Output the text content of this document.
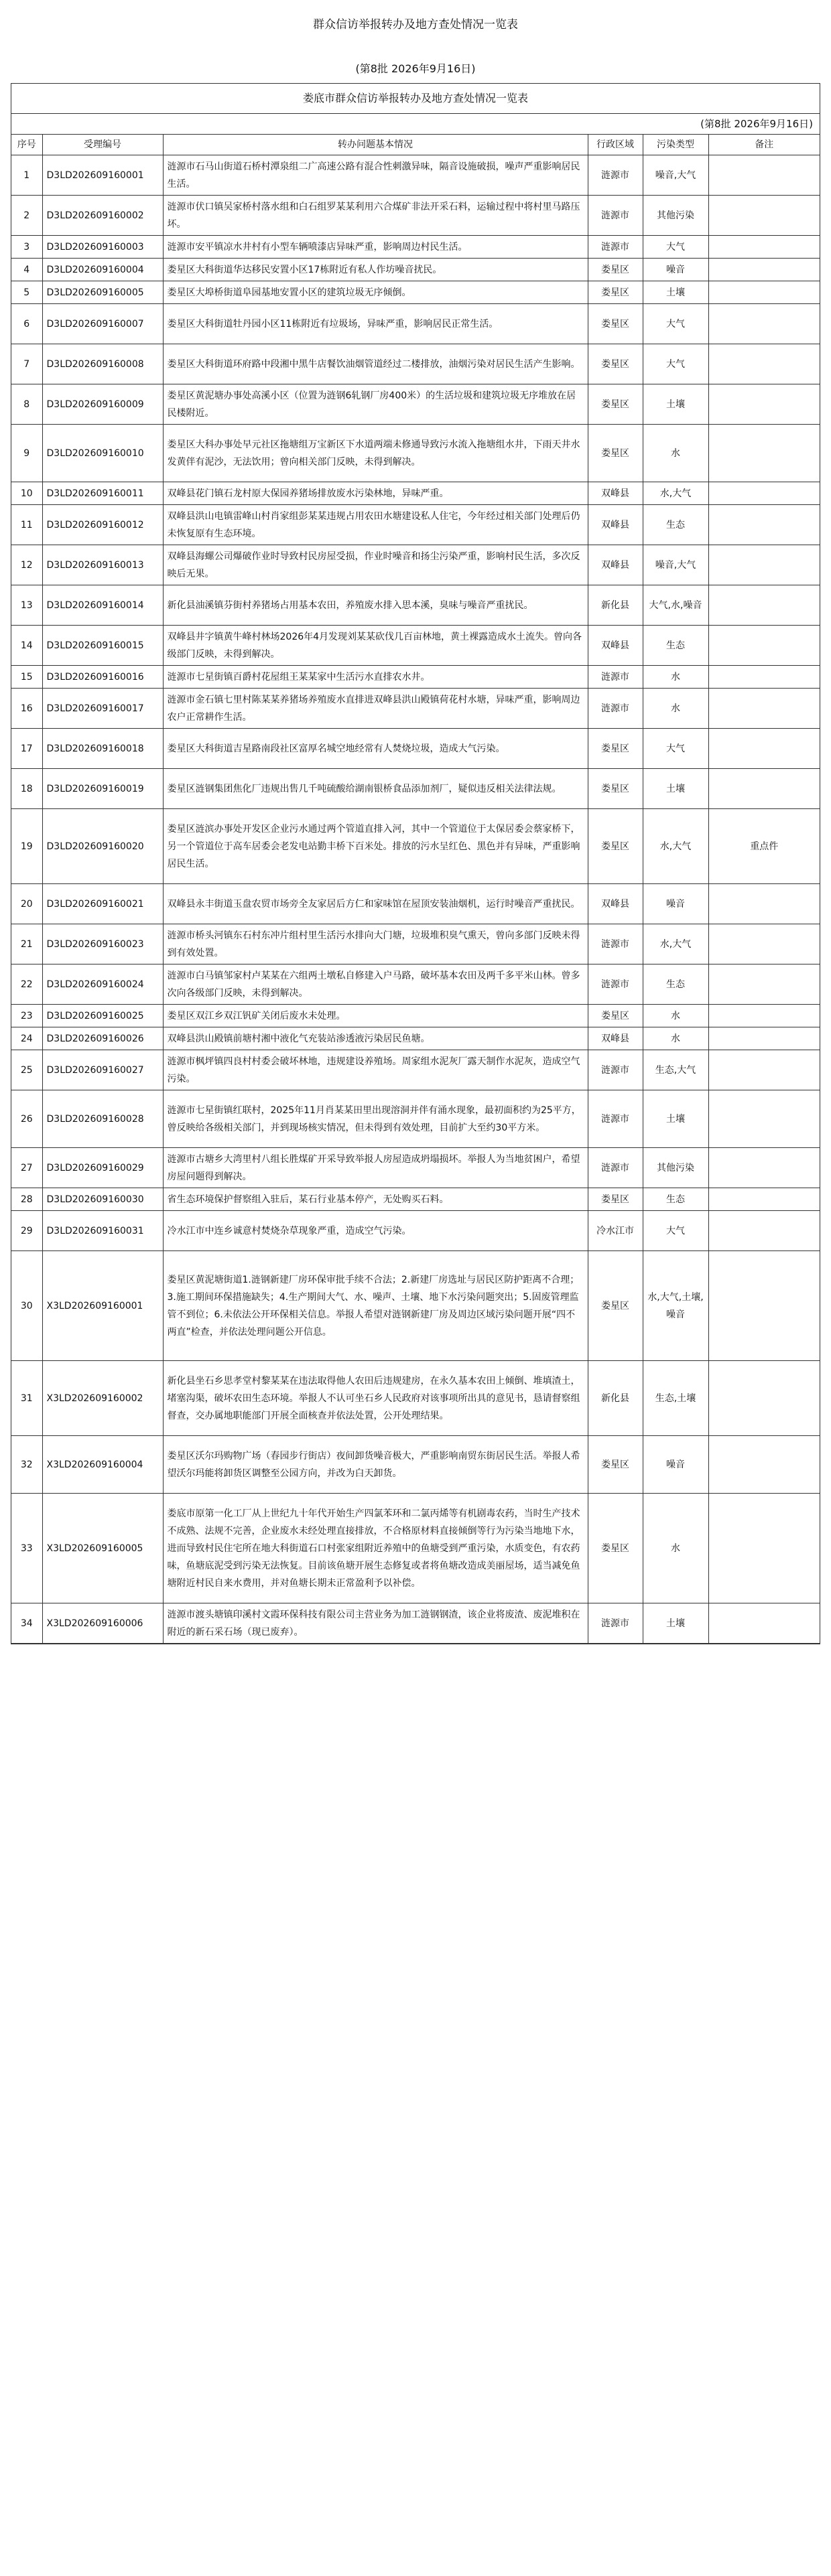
群众信访举报转办及地方查处情况一览表
(第8批 2026年9月16日)
娄底市群众信访举报转办及地方查处情况一览表
(第8批 2026年9月16日)
序号	受理编号	转办问题基本情况	行政区域	污染类型	备注
1	D3LD202609160001	涟源市石马山街道石桥村潭泉组二广高速公路有混合性刺激异味，隔音设施破损，噪声严重影响居民生活。	涟源市	噪音,大气	
2	D3LD202609160002	涟源市伏口镇吴家桥村落水组和白石组罗某某利用六合煤矿非法开采石料，运输过程中将村里马路压坏。	涟源市	其他污染	
3	D3LD202609160003	涟源市安平镇凉水井村有小型车辆喷漆店异味严重，影响周边村民生活。	涟源市	大气	
4	D3LD202609160004	娄星区大科街道华达移民安置小区17栋附近有私人作坊噪音扰民。	娄星区	噪音	
5	D3LD202609160005	娄星区大埠桥街道阜园基地安置小区的建筑垃圾无序倾倒。	娄星区	土壤	
6	D3LD202609160007	娄星区大科街道牡丹园小区11栋附近有垃圾场，异味严重，影响居民正常生活。	娄星区	大气	
7	D3LD202609160008	娄星区大科街道环府路中段湘中黑牛店餐饮油烟管道经过二楼排放，油烟污染对居民生活产生影响。	娄星区	大气	
8	D3LD202609160009	娄星区黄泥塘办事处高溪小区（位置为涟钢6轧钢厂房400米）的生活垃圾和建筑垃圾无序堆放在居民楼附近。	娄星区	土壤	
9	D3LD202609160010	娄星区大科办事处早元社区拖塘组万宝新区下水道两端未修通导致污水流入拖塘组水井，下雨天井水发黄伴有泥沙，无法饮用；曾向相关部门反映，未得到解决。	娄星区	水	
10	D3LD202609160011	双峰县花门镇石龙村原大保园养猪场排放废水污染林地，异味严重。	双峰县	水,大气	
11	D3LD202609160012	双峰县洪山电镇雷峰山村肖家组彭某某违规占用农田水塘建设私人住宅，今年经过相关部门处理后仍未恢复原有生态环境。	双峰县	生态	
12	D3LD202609160013	双峰县海螺公司爆破作业时导致村民房屋受损，作业时噪音和扬尘污染严重，影响村民生活，多次反映后无果。	双峰县	噪音,大气	
13	D3LD202609160014	新化县油溪镇芬街村养猪场占用基本农田，养殖废水排入思本溪，臭味与噪音严重扰民。	新化县	大气,水,噪音	
14	D3LD202609160015	双峰县井字镇黄牛峰村林场2026年4月发现刘某某砍伐几百亩林地，黄土裸露造成水土流失。曾向各级部门反映，未得到解决。	双峰县	生态	
15	D3LD202609160016	涟源市七星街镇百爵村花屋组王某某家中生活污水直排农水井。	涟源市	水	
16	D3LD202609160017	涟源市金石镇七里村陈某某养猪场养殖废水直排进双峰县洪山殿镇荷花村水塘，异味严重，影响周边农户正常耕作生活。	涟源市	水	
17	D3LD202609160018	娄星区大科街道吉星路南段社区富厚名城空地经常有人焚烧垃圾，造成大气污染。	娄星区	大气	
18	D3LD202609160019	娄星区涟钢集团焦化厂违规出售几千吨硫酸给湖南银桥食品添加剂厂，疑似违反相关法律法规。	娄星区	土壤	
19	D3LD202609160020	娄星区涟滨办事处开发区企业污水通过两个管道直排入河，其中一个管道位于太保居委会蔡家桥下，另一个管道位于高车居委会老发电站勤丰桥下百米处。排放的污水呈红色、黑色并有异味，严重影响居民生活。	娄星区	水,大气	重点件
20	D3LD202609160021	双峰县永丰街道玉盘农贸市场旁全友家居后方仁和家味馆在屋顶安装油烟机，运行时噪音严重扰民。	双峰县	噪音	
21	D3LD202609160023	涟源市桥头河镇东石村东冲片组村里生活污水排向大门塘，垃圾堆积臭气熏天，曾向多部门反映未得到有效处置。	涟源市	水,大气	
22	D3LD202609160024	涟源市白马镇邹家村卢某某在六组两土墩私自修建入户马路，破坏基本农田及两千多平米山林。曾多次向各级部门反映，未得到解决。	涟源市	生态	
23	D3LD202609160025	娄星区双江乡双江钒矿关闭后废水未处理。	娄星区	水	
24	D3LD202609160026	双峰县洪山殿镇前塘村湘中液化气充装站渗透液污染居民鱼塘。	双峰县	水	
25	D3LD202609160027	涟源市枫坪镇四良村村委会破坏林地，违规建设养殖场。周家组水泥灰厂露天制作水泥灰，造成空气污染。	涟源市	生态,大气	
26	D3LD202609160028	涟源市七星街镇红联村，2025年11月肖某某田里出现溶洞并伴有涌水现象，最初面积约为25平方，曾反映给各级相关部门，并到现场核实情况，但未得到有效处理，目前扩大至约30平方米。	涟源市	土壤	
27	D3LD202609160029	涟源市古塘乡大湾里村八组长胜煤矿开采导致举报人房屋造成坍塌损坏。举报人为当地贫困户，希望房屋问题得到解决。	涟源市	其他污染	
28	D3LD202609160030	省生态环境保护督察组入驻后，某石行业基本停产，无处购买石料。	娄星区	生态	
29	D3LD202609160031	冷水江市中连乡诚意村焚烧杂草现象严重，造成空气污染。	冷水江市	大气	
30	X3LD202609160001	娄星区黄泥塘街道1.涟钢新建厂房环保审批手续不合法；2.新建厂房选址与居民区防护距离不合理；3.施工期间环保措施缺失；4.生产期间大气、水、噪声、土壤、地下水污染问题突出；5.固废管理监管不到位；6.未依法公开环保相关信息。举报人希望对涟钢新建厂房及周边区域污染问题开展“四不两直”检查，并依法处理问题公开信息。	娄星区	水,大气,土壤,噪音	
31	X3LD202609160002	新化县坐石乡思孝堂村黎某某在违法取得他人农田后违规建房，在永久基本农田上倾倒、堆填渣土，堵塞沟渠，破坏农田生态环境。举报人不认可坐石乡人民政府对该事项所出具的意见书，恳请督察组督查，交办属地职能部门开展全面核查并依法处置，公开处理结果。	新化县	生态,土壤	
32	X3LD202609160004	娄星区沃尔玛购物广场（春园步行街店）夜间卸货噪音极大，严重影响南贸东街居民生活。举报人希望沃尔玛能将卸货区调整至公园方向，并改为白天卸货。	娄星区	噪音	
33	X3LD202609160005	娄底市原第一化工厂从上世纪九十年代开始生产四氯苯环和二氯丙烯等有机剧毒农药，当时生产技术不成熟、法规不完善，企业废水未经处理直接排放，不合格原材料直接倾倒等行为污染当地地下水，进而导致村民住宅所在地大科街道石口村张家组附近养殖中的鱼塘受到严重污染，水质变色，有农药味，鱼塘底泥受到污染无法恢复。目前该鱼塘开展生态修复或者将鱼塘改造成美丽屋场，适当减免鱼塘附近村民自来水费用，并对鱼塘长期未正常盈利予以补偿。	娄星区	水	
34	X3LD202609160006	涟源市渡头塘镇印溪村文霞环保科技有限公司主营业务为加工涟钢钢渣，该企业将废渣、废泥堆积在附近的新石采石场（现已废弃）。	涟源市	土壤	
